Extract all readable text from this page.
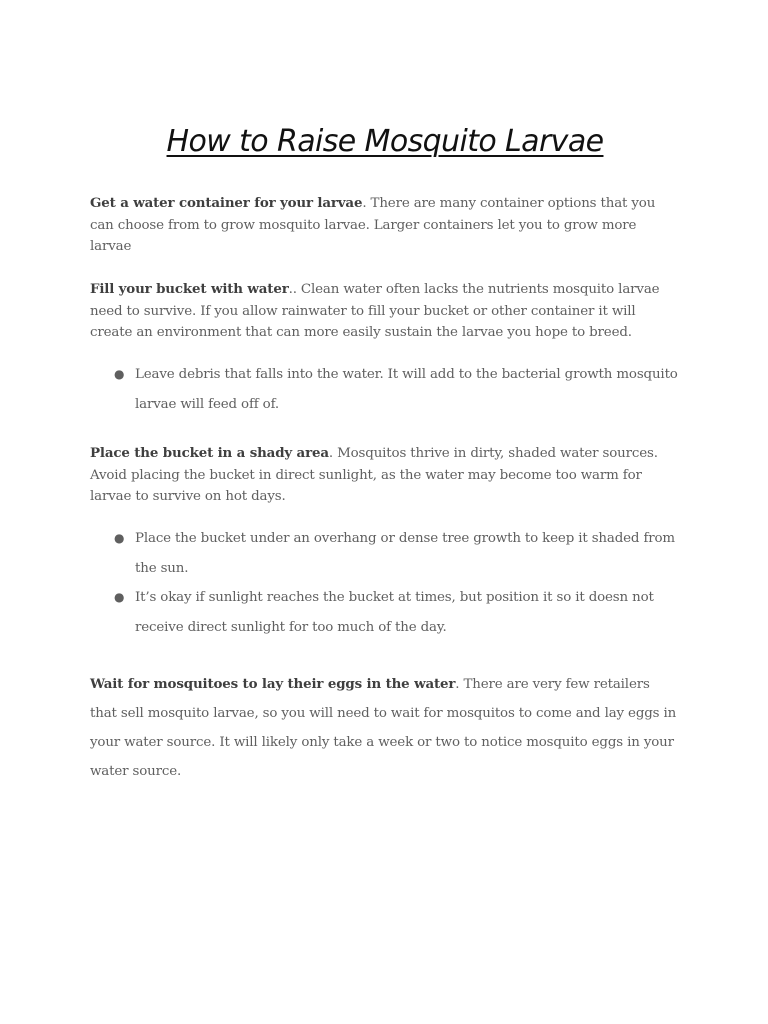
How to Raise Mosquito Larvae

Get a water container for your larvae. There are many container options that you can choose from to grow mosquito larvae. Larger containers let you to grow more larvae

Fill your bucket with water.. Clean water often lacks the nutrients mosquito larvae need to survive. If you allow rainwater to fill your bucket or other container it will create an environment that can more easily sustain the larvae you hope to breed.

● Leave debris that falls into the water. It will add to the bacterial growth mosquito larvae will feed off of.

Place the bucket in a shady area. Mosquitos thrive in dirty, shaded water sources. Avoid placing the bucket in direct sunlight, as the water may become too warm for larvae to survive on hot days.

● Place the bucket under an overhang or dense tree growth to keep it shaded from the sun.
● It’s okay if sunlight reaches the bucket at times, but position it so it doesn not receive direct sunlight for too much of the day.

Wait for mosquitoes to lay their eggs in the water. There are very few retailers that sell mosquito larvae, so you will need to wait for mosquitos to come and lay eggs in your water source. It will likely only take a week or two to notice mosquito eggs in your water source.
